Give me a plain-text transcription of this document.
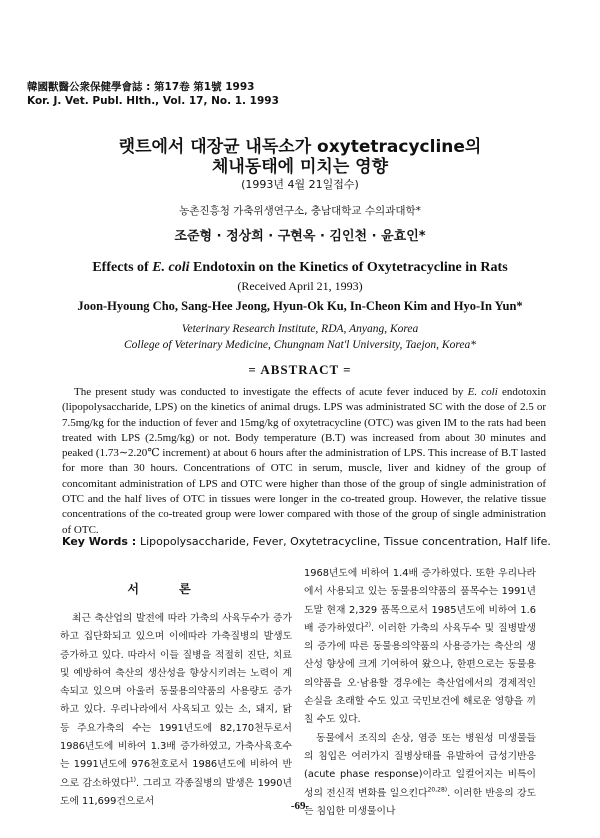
韓國獸醫公衆保健學會誌 : 第17卷 第1號 1993
Kor. J. Vet. Publ. Hlth., Vol. 17, No. 1. 1993
랫트에서 대장균 내독소가 oxytetracycline의
체내동태에 미치는 영향
(1993년 4월 21일접수)
농촌진흥청 가축위생연구소, 충남대학교 수의과대학*
조준형 · 정상희 · 구현옥 · 김인천 · 윤효인*
Effects of E. coli Endotoxin on the Kinetics of Oxytetracycline in Rats
(Received April 21, 1993)
Joon-Hyoung Cho, Sang-Hee Jeong, Hyun-Ok Ku, In-Cheon Kim and Hyo-In Yun*
Veterinary Research Institute, RDA, Anyang, Korea
College of Veterinary Medicine, Chungnam Nat'l University, Taejon, Korea*
= ABSTRACT =

The present study was conducted to investigate the effects of acute fever induced by E. coli endotoxin (lipopolysaccharide, LPS) on the kinetics of animal drugs. LPS was administrated SC with the dose of 2.5 or 7.5mg/kg for the induction of fever and 15mg/kg of oxytetracycline (OTC) was given IM to the rats had been treated with LPS (2.5mg/kg) or not. Body temperature (B.T) was increased from about 30 minutes and peaked (1.73∼2.20℃ increment) at about 6 hours after the administration of LPS. This increase of B.T lasted for more than 30 hours. Concentrations of OTC in serum, muscle, liver and kidney of the group of concomitant administration of LPS and OTC were higher than those of the group of single administration of OTC and the half lives of OTC in tissues were longer in the co-treated group. However, the relative tissue concentrations of the co-treated group were lower compared with those of the group of single administration of OTC.

Key Words : Lipopolysaccharide, Fever, Oxytetracycline, Tissue concentration, Half life.
서 론

최근 축산업의 발전에 따라 가축의 사육두수가 증가하고 집단화되고 있으며 이에따라 가축질병의 발생도 증가하고 있다. 따라서 이들 질병을 적절히 진단, 치료 및 예방하여 축산의 생산성을 향상시키려는 노력이 계속되고 있으며 아울러 동물용의약품의 사용량도 증가하고 있다. 우리나라에서 사육되고 있는 소, 돼지, 닭 등 주요가축의 수는 1991년도에 82,170천두로서 1986년도에 비하여 1.3배 증가하였고, 가축사육호수는 1991년도에 976천호로서 1986년도에 비하여 반으로 감소하였다$^{1)}$. 그리고 각종질병의 발생은 1990년도에 11,699건으로서

1968년도에 비하여 1.4배 증가하였다. 또한 우리나라에서 사용되고 있는 동물용의약품의 품목수는 1991년도말 현재 2,329 품목으로서 1985년도에 비하여 1.6배 증가하였다$^{2)}$. 이러한 가축의 사육두수 및 질병발생의 증가에 따른 동물용의약품의 사용증가는 축산의 생산성 향상에 크게 기여하여 왔으나, 한편으로는 동물용의약품을 오·남용할 경우에는 축산업에서의 경제적인 손실을 초래할 수도 있고 국민보건에 해로운 영향을 끼칠 수도 있다.

동물에서 조직의 손상, 염증 또는 병원성 미생물들의 침입은 여러가지 질병상태를 유발하여 급성기반응(acute phase response)이라고 일컬어지는 비특이성의 전신적 변화를 일으킨다$^{20,28)}$. 이러한 반응의 강도는 침입한 미생물이나

-69-
